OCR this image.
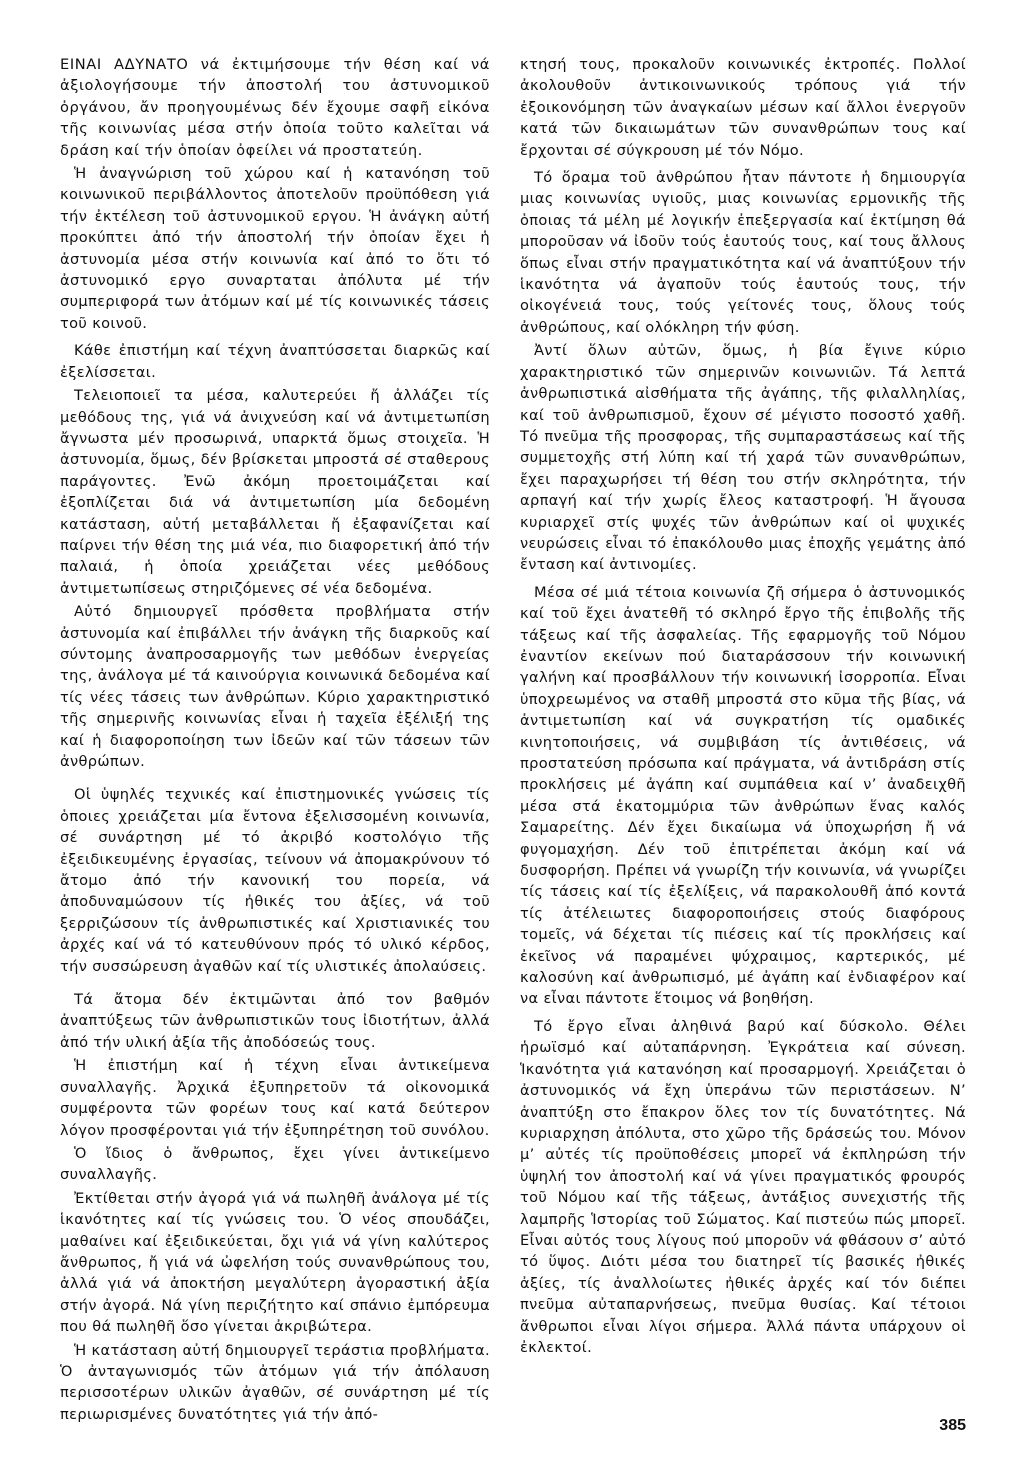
ΕΙΝΑΙ ΑΔΥΝΑΤΟ νά ἐκτιμήσουμε τήν θέση καί νά ἀξιολογήσουμε τήν ἀποστολή του ἀστυνομικοῦ ὀργάνου, ἄν προηγουμένως δέν ἔχουμε σαφῆ εἰκόνα τῆς κοινωνίας μέσα στήν ὁποία τοῦτο καλεῖται νά δράση καί τήν ὁποίαν ὀφείλει νά προστατεύη.

Ἡ ἀναγνώριση τοῦ χώρου καί ἡ κατανόηση τοῦ κοινωνικοῦ περιβάλλοντος ἀποτελοῦν προϋπόθεση γιά τήν ἐκτέλεση τοῦ ἀστυνομικοῦ εργου. Ἡ ἀνάγκη αὐτή προκύπτει ἀπό τήν ἀποστολή τήν ὁποίαν ἔχει ἡ ἀστυνομία μέσα στήν κοινωνία καί ἀπό το ὅτι τό ἀστυνομικό εργο συναρταται ἀπόλυτα μέ τήν συμπεριφορά των ἀτόμων καί μέ τίς κοινωνικές τάσεις τοῦ κοινοῦ.

Κάθε ἐπιστήμη καί τέχνη ἀναπτύσσεται διαρκῶς καί ἐξελίσσεται.

Τελειοποιεῖ τα μέσα, καλυτερεύει ἤ ἀλλάζει τίς μεθόδους της, γιά νά ἀνιχνεύση καί νά ἀντιμετωπίση ἄγνωστα μέν προσωρινά, υπαρκτά ὅμως στοιχεῖα. Ἡ ἀστυνομία, ὅμως, δέν βρίσκεται μπροστά σέ σταθερους παράγοντες. Ἐνῶ ἀκόμη προετοιμάζεται καί ἐξοπλίζεται διά νά ἀντιμετωπίση μία δεδομένη κατάσταση, αὐτή μεταβάλλεται ἤ ἐξαφανίζεται καί παίρνει τήν θέση της μιά νέα, πιο διαφορετική ἀπό τήν παλαιά, ἡ ὁποία χρειάζεται νέες μεθόδους ἀντιμετωπίσεως στηριζόμενες σέ νέα δεδομένα.

Αὐτό δημιουργεῖ πρόσθετα προβλήματα στήν ἀστυνομία καί ἐπιβάλλει τήν ἀνάγκη τῆς διαρκοῦς καί σύντομης ἀναπροσαρμογῆς των μεθόδων ἐνεργείας της, ἀνάλογα μέ τά καινούργια κοινωνικά δεδομένα καί τίς νέες τάσεις των ἀνθρώπων. Κύριο χαρακτηριστικό τῆς σημερινῆς κοινωνίας εἶναι ἡ ταχεῖα ἐξέλιξή της καί ἡ διαφοροποίηση των ἰδεῶν καί τῶν τάσεων τῶν ἀνθρώπων.

Οἱ ὑψηλές τεχνικές καί ἐπιστημονικές γνώσεις τίς ὁποιες χρειάζεται μία ἔντονα ἐξελισσομένη κοινωνία, σέ συνάρτηση μέ τό ἀκριβό κοστολόγιο τῆς ἐξειδικευμένης ἐργασίας, τείνουν νά ἀπομακρύνουν τό ἄτομο ἀπό τήν κανονική του πορεία, νά ἀποδυναμώσουν τίς ἠθικές του ἀξίες, νά τοῦ ξερριζώσουν τίς ἀνθρωπιστικές καί Χριστιανικές του ἀρχές καί νά τό κατευθύνουν πρός τό υλικό κέρδος, τήν συσσώρευση ἀγαθῶν καί τίς υλιστικές ἀπολαύσεις.

Τά ἄτομα δέν ἐκτιμῶνται ἀπό τον βαθμόν ἀναπτύξεως τῶν ἀνθρωπιστικῶν τους ἰδιοτήτων, ἀλλά ἀπό τήν υλική ἀξία τῆς ἀποδόσεώς τους.

Ἡ ἐπιστήμη καί ἡ τέχνη εἶναι ἀντικείμενα συναλλαγῆς. Ἀρχικά ἐξυπηρετοῦν τά οἰκονομικά συμφέροντα τῶν φορέων τους καί κατά δεύτερον λόγον προσφέρονται γιά τήν ἐξυπηρέτηση τοῦ συνόλου.

Ὁ ἴδιος ὁ ἄνθρωπος, ἔχει γίνει ἀντικείμενο συναλλαγῆς.

Ἐκτίθεται στήν ἀγορά γιά νά πωληθῆ ἀνάλογα μέ τίς ἱκανότητες καί τίς γνώσεις του. Ὁ νέος σπουδάζει, μαθαίνει καί ἐξειδικεύεται, ὄχι γιά νά γίνη καλύτερος ἄνθρωπος, ἤ γιά νά ὠφελήση τούς συνανθρώπους του, ἀλλά γιά νά ἀποκτήση μεγαλύτερη ἀγοραστική ἀξία στήν ἀγορά. Νά γίνη περιζήτητο καί σπάνιο ἐμπόρευμα που θά πωληθῆ ὅσο γίνεται ἀκριβώτερα.

Ἡ κατάσταση αὐτή δημιουργεῖ τεράστια προβλήματα. Ὁ ἀνταγωνισμός τῶν ἀτόμων γιά τήν ἀπόλαυση περισσοτέρων υλικῶν ἀγαθῶν, σέ συνάρτηση μέ τίς περιωρισμένες δυνατότητες γιά τήν ἀπό-

κτησή τους, προκαλοῦν κοινωνικές ἐκτροπές. Πολλοί ἀκολουθοῦν ἀντικοινωνικούς τρόπους γιά τήν ἐξοικονόμηση τῶν ἀναγκαίων μέσων καί ἄλλοι ἐνεργοῦν κατά τῶν δικαιωμάτων τῶν συνανθρώπων τους καί ἔρχονται σέ σύγκρουση μέ τόν Νόμο.

Τό ὅραμα τοῦ ἀνθρώπου ἦταν πάντοτε ἡ δημιουργία μιας κοινωνίας υγιοῦς, μιας κοινωνίας ερμονικῆς τῆς ὁποιας τά μέλη μέ λογικήν ἐπεξεργασία καί ἐκτίμηση θά μποροῦσαν νά ἰδοῦν τούς ἑαυτούς τους, καί τους ἄλλους ὅπως εἶναι στήν πραγματικότητα καί νά ἀναπτύξουν τήν ἱκανότητα νά ἀγαποῦν τούς ἑαυτούς τους, τήν οἰκογένειά τους, τούς γείτονές τους, ὅλους τούς ἀνθρώπους, καί ολόκληρη τήν φύση.

Ἀντί ὅλων αὐτῶν, ὅμως, ἡ βία ἔγινε κύριο χαρακτηριστικό τῶν σημερινῶν κοινωνιῶν. Τά λεπτά ἀνθρωπιστικά αἰσθήματα τῆς ἀγάπης, τῆς φιλαλληλίας, καί τοῦ ἀνθρωπισμοῦ, ἔχουν σέ μέγιστο ποσοστό χαθῆ. Τό πνεῦμα τῆς προσφορας, τῆς συμπαραστάσεως καί τῆς συμμετοχῆς στή λύπη καί τή χαρά τῶν συνανθρώπων, ἔχει παραχωρήσει τή θέση του στήν σκληρότητα, τήν αρπαγή καί τήν χωρίς ἔλεος καταστροφή. Ἡ ἄγουσα κυριαρχεῖ στίς ψυχές τῶν ἀνθρώπων καί οἱ ψυχικές νευρώσεις εἶναι τό ἐπακόλουθο μιας ἐποχῆς γεμάτης ἀπό ἔνταση καί ἀντινομίες.

Μέσα σέ μιά τέτοια κοινωνία ζῆ σήμερα ὁ ἀστυνομικός καί τοῦ ἔχει ἀνατεθῆ τό σκληρό ἔργο τῆς ἐπιβολῆς τῆς τάξεως καί τῆς ἀσφαλείας. Τῆς εφαρμογῆς τοῦ Νόμου ἐναντίον εκείνων πού διαταράσσουν τήν κοινωνική γαλήνη καί προσβάλλουν τήν κοινωνική ἰσορροπία. Εἶναι ὑποχρεωμένος να σταθῆ μπροστά στο κῦμα τῆς βίας, νά ἀντιμετωπίση καί νά συγκρατήση τίς ομαδικές κινητοποιήσεις, νά συμβιβάση τίς ἀντιθέσεις, νά προστατεύση πρόσωπα καί πράγματα, νά ἀντιδράση στίς προκλήσεις μέ ἀγάπη καί συμπάθεια καί ν’ ἀναδειχθῆ μέσα στά ἑκατομμύρια τῶν ἀνθρώπων ἕνας καλός Σαμαρείτης. Δέν ἔχει δικαίωμα νά ὑποχωρήση ἤ νά φυγομαχήση. Δέν τοῦ ἐπιτρέπεται ἀκόμη καί νά δυσφορήση. Πρέπει νά γνωρίζη τήν κοινωνία, νά γνωρίζει τίς τάσεις καί τίς ἐξελίξεις, νά παρακολουθῆ ἀπό κοντά τίς ἀτέλειωτες διαφοροποιήσεις στούς διαφόρους τομεῖς, νά δέχεται τίς πιέσεις καί τίς προκλήσεις καί ἐκεῖνος νά παραμένει ψύχραιμος, καρτερικός, μέ καλοσύνη καί ἀνθρωπισμό, μέ ἀγάπη καί ἐνδιαφέρον καί να εἶναι πάντοτε ἕτοιμος νά βοηθήση.

Τό ἔργο εἶναι ἀληθινά βαρύ καί δύσκολο. Θέλει ἡρωϊσμό καί αὐταπάρνηση. Ἐγκράτεια καί σύνεση. Ἱκανότητα γιά κατανόηση καί προσαρμογή. Χρειάζεται ὁ ἀστυνομικός νά ἔχη ὑπεράνω τῶν περιστάσεων. Ν’ ἀναπτύξη στο ἔπακρον ὅλες τον τίς δυνατότητες. Νά κυριαρχηση ἀπόλυτα, στο χῶρο τῆς δράσεώς του. Μόνον μ’ αὐτές τίς προϋποθέσεις μπορεῖ νά ἐκπληρώση τήν ὑψηλή τον ἀποστολή καί νά γίνει πραγματικός φρουρός τοῦ Νόμου καί τῆς τάξεως, ἀντάξιος συνεχιστής τῆς λαμπρῆς Ἱστορίας τοῦ Σώματος. Καί πιστεύω πώς μπορεῖ. Εἶναι αὐτός τους λίγους πού μποροῦν νά φθάσουν σ’ αὐτό τό ὕψος. Διότι μέσα του διατηρεῖ τίς βασικές ἠθικές ἀξίες, τίς ἀναλλοίωτες ἠθικές ἀρχές καί τόν διέπει πνεῦμα αὐταπαρνήσεως, πνεῦμα θυσίας. Καί τέτοιοι ἄνθρωποι εἶναι λίγοι σήμερα. Ἀλλά πάντα υπάρχουν οἱ ἐκλεκτοί.

385
